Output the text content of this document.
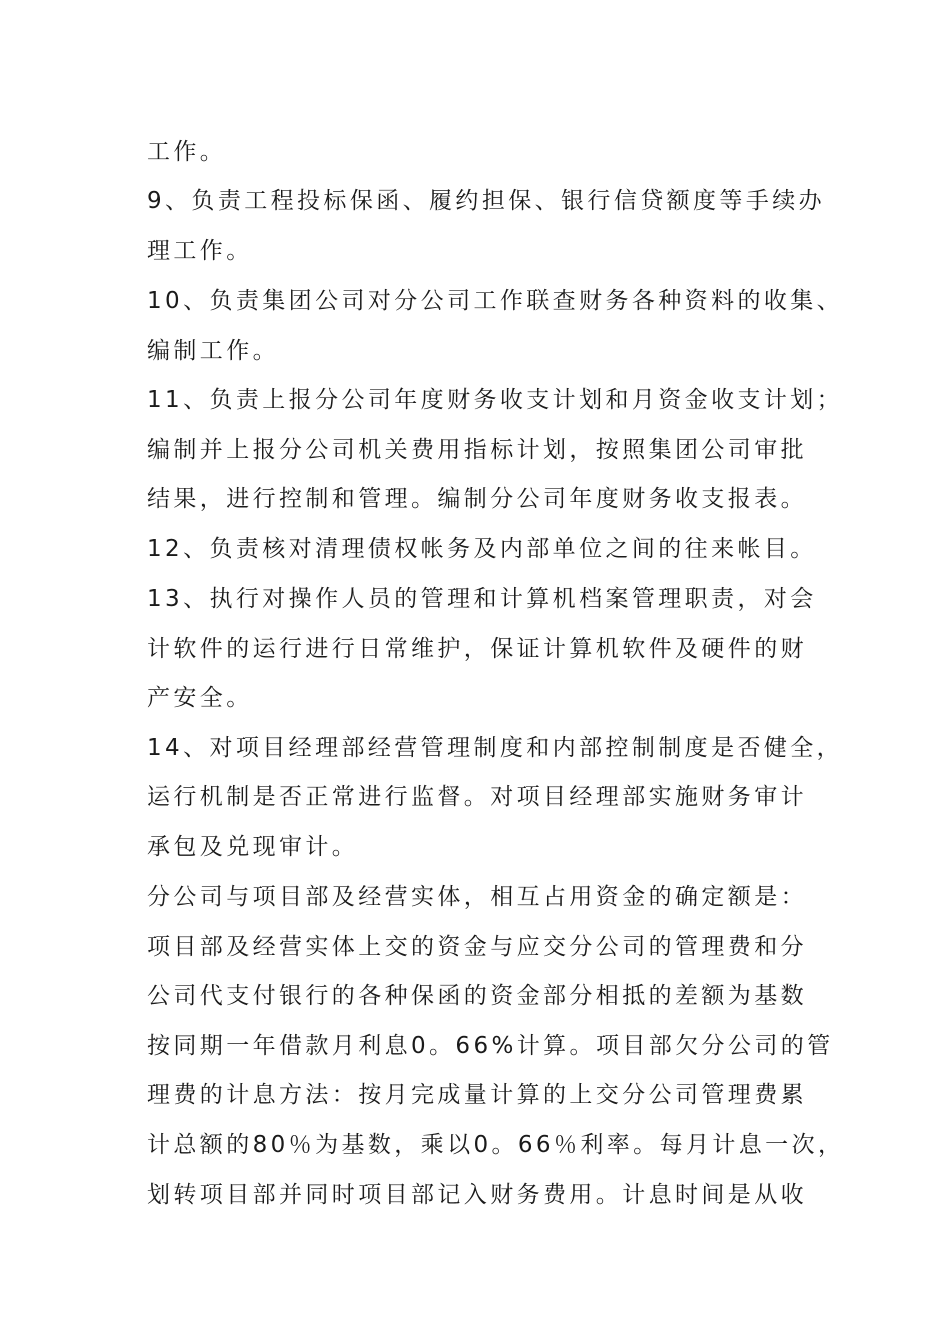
工作。
9、负责工程投标保函、履约担保、银行信贷额度等手续办
理工作。
10、负责集团公司对分公司工作联查财务各种资料的收集、
编制工作。
11、负责上报分公司年度财务收支计划和月资金收支计划；
编制并上报分公司机关费用指标计划，按照集团公司审批
结果，进行控制和管理。编制分公司年度财务收支报表。
12、负责核对清理债权帐务及内部单位之间的往来帐目。
13、执行对操作人员的管理和计算机档案管理职责，对会
计软件的运行进行日常维护，保证计算机软件及硬件的财
产安全。
14、对项目经理部经营管理制度和内部控制制度是否健全，
运行机制是否正常进行监督。对项目经理部实施财务审计
承包及兑现审计。
分公司与项目部及经营实体，相互占用资金的确定额是：
项目部及经营实体上交的资金与应交分公司的管理费和分
公司代支付银行的各种保函的资金部分相抵的差额为基数
按同期一年借款月利息0。66%计算。项目部欠分公司的管
理费的计息方法：按月完成量计算的上交分公司管理费累
计总额的80％为基数，乘以0。66％利率。每月计息一次，
划转项目部并同时项目部记入财务费用。计息时间是从收
